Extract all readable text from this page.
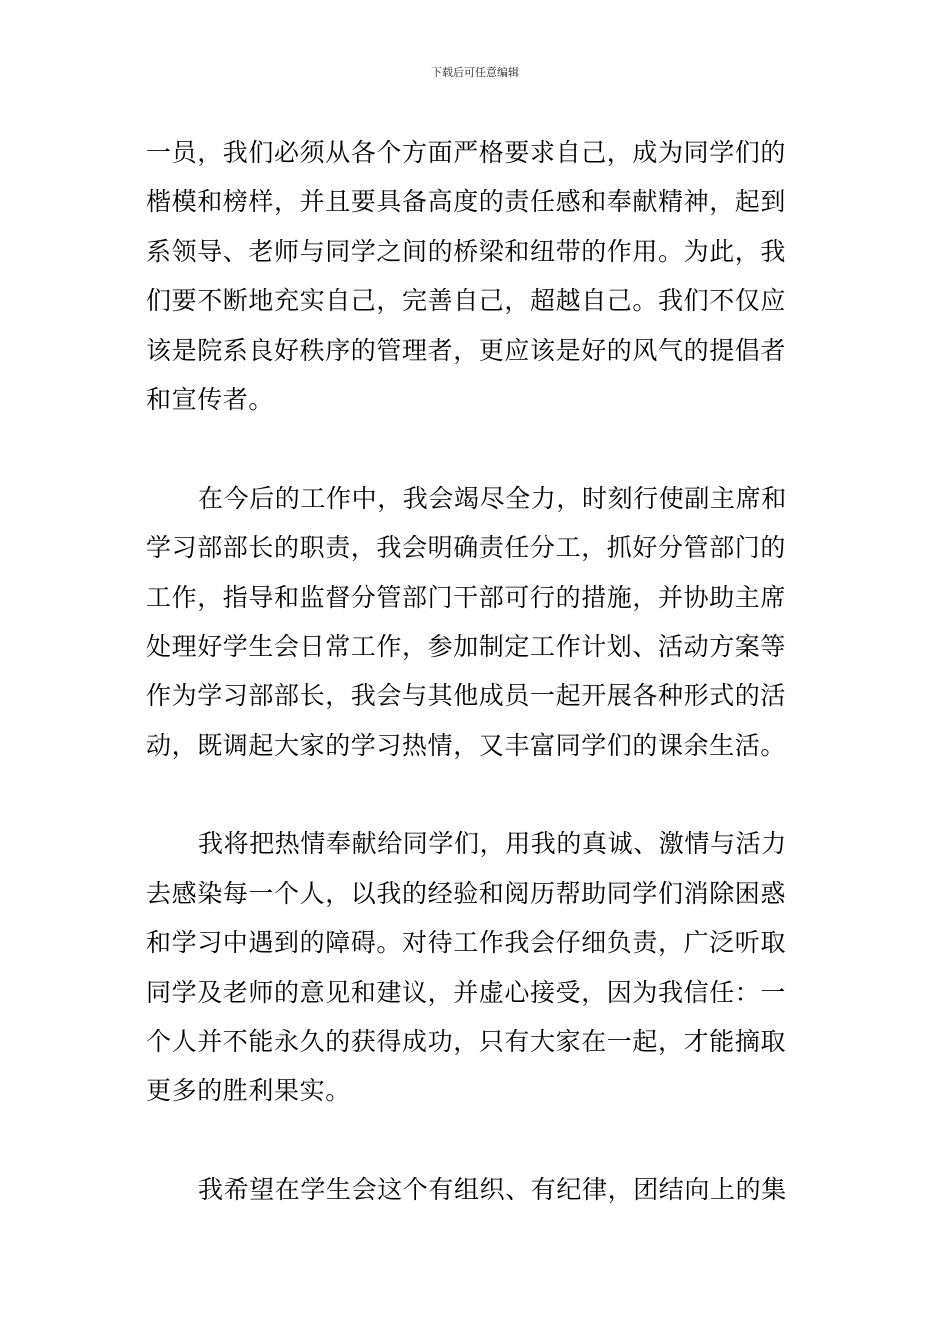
下载后可任意编辑
一员，我们必须从各个方面严格要求自己，成为同学们的
楷模和榜样，并且要具备高度的责任感和奉献精神，起到
系领导、老师与同学之间的桥梁和纽带的作用。为此，我
们要不断地充实自己，完善自己，超越自己。我们不仅应
该是院系良好秩序的管理者，更应该是好的风气的提倡者
和宣传者。
在今后的工作中，我会竭尽全力，时刻行使副主席和
学习部部长的职责，我会明确责任分工，抓好分管部门的
工作，指导和监督分管部门干部可行的措施，并协助主席
处理好学生会日常工作，参加制定工作计划、活动方案等
作为学习部部长，我会与其他成员一起开展各种形式的活
动，既调起大家的学习热情，又丰富同学们的课余生活。
我将把热情奉献给同学们，用我的真诚、激情与活力
去感染每一个人，以我的经验和阅历帮助同学们消除困惑
和学习中遇到的障碍。对待工作我会仔细负责，广泛听取
同学及老师的意见和建议，并虚心接受，因为我信任：一
个人并不能永久的获得成功，只有大家在一起，才能摘取
更多的胜利果实。
我希望在学生会这个有组织、有纪律，团结向上的集
